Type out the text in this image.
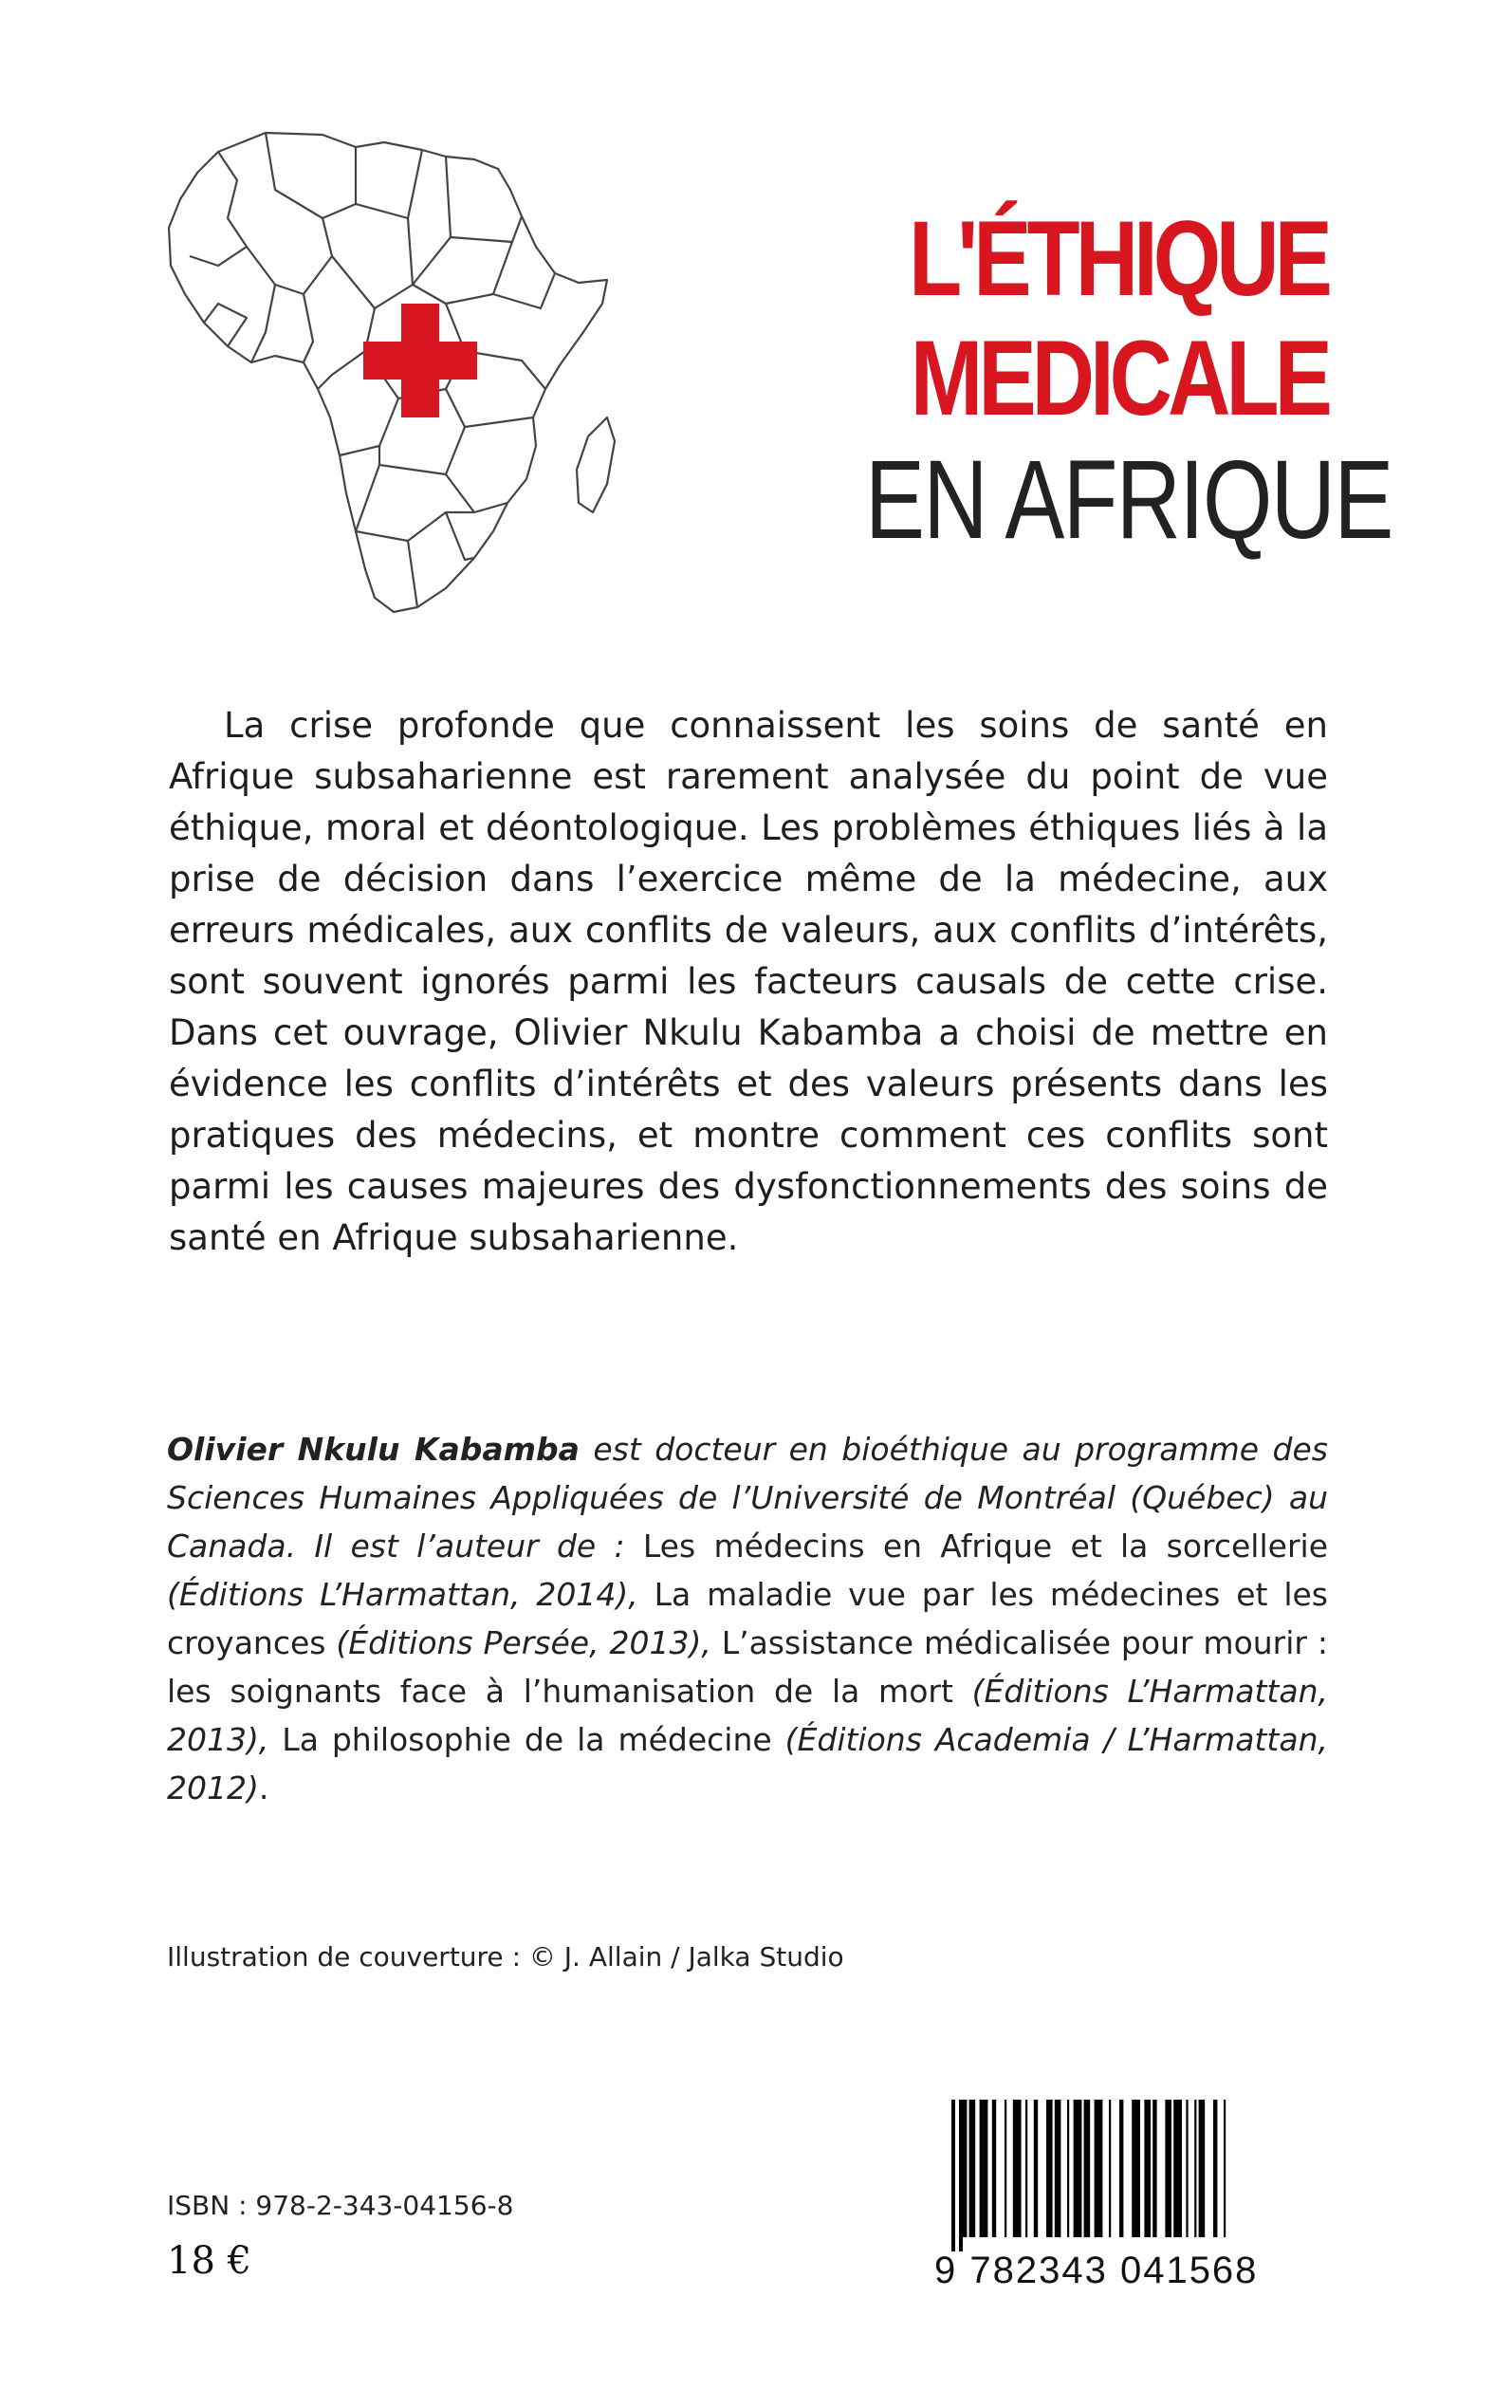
L'ÉTHIQUE
MEDICALE
EN AFRIQUE

La crise profonde que connaissent les soins de santé en Afrique subsaharienne est rarement analysée du point de vue éthique, moral et déontologique. Les problèmes éthiques liés à la prise de décision dans l’exercice même de la médecine, aux erreurs médicales, aux conflits de valeurs, aux conflits d’intérêts, sont souvent ignorés parmi les facteurs causals de cette crise. Dans cet ouvrage, Olivier Nkulu Kabamba a choisi de mettre en évidence les conflits d’intérêts et des valeurs présents dans les pratiques des médecins, et montre comment ces conflits sont parmi les causes majeures des dysfonctionnements des soins de santé en Afrique subsaharienne.

Olivier Nkulu Kabamba est docteur en bioéthique au programme des Sciences Humaines Appliquées de l’Université de Montréal (Québec) au Canada. Il est l’auteur de : Les médecins en Afrique et la sorcellerie (Éditions L’Harmattan, 2014), La maladie vue par les médecines et les croyances (Éditions Persée, 2013), L’assistance médicalisée pour mourir : les soignants face à l’humanisation de la mort (Éditions L’Harmattan, 2013), La philosophie de la médecine (Éditions Academia / L’Harmattan, 2012).

Illustration de couverture : © J. Allain / Jalka Studio
ISBN : 978-2-343-04156-8
18 €	9 782343 041568
